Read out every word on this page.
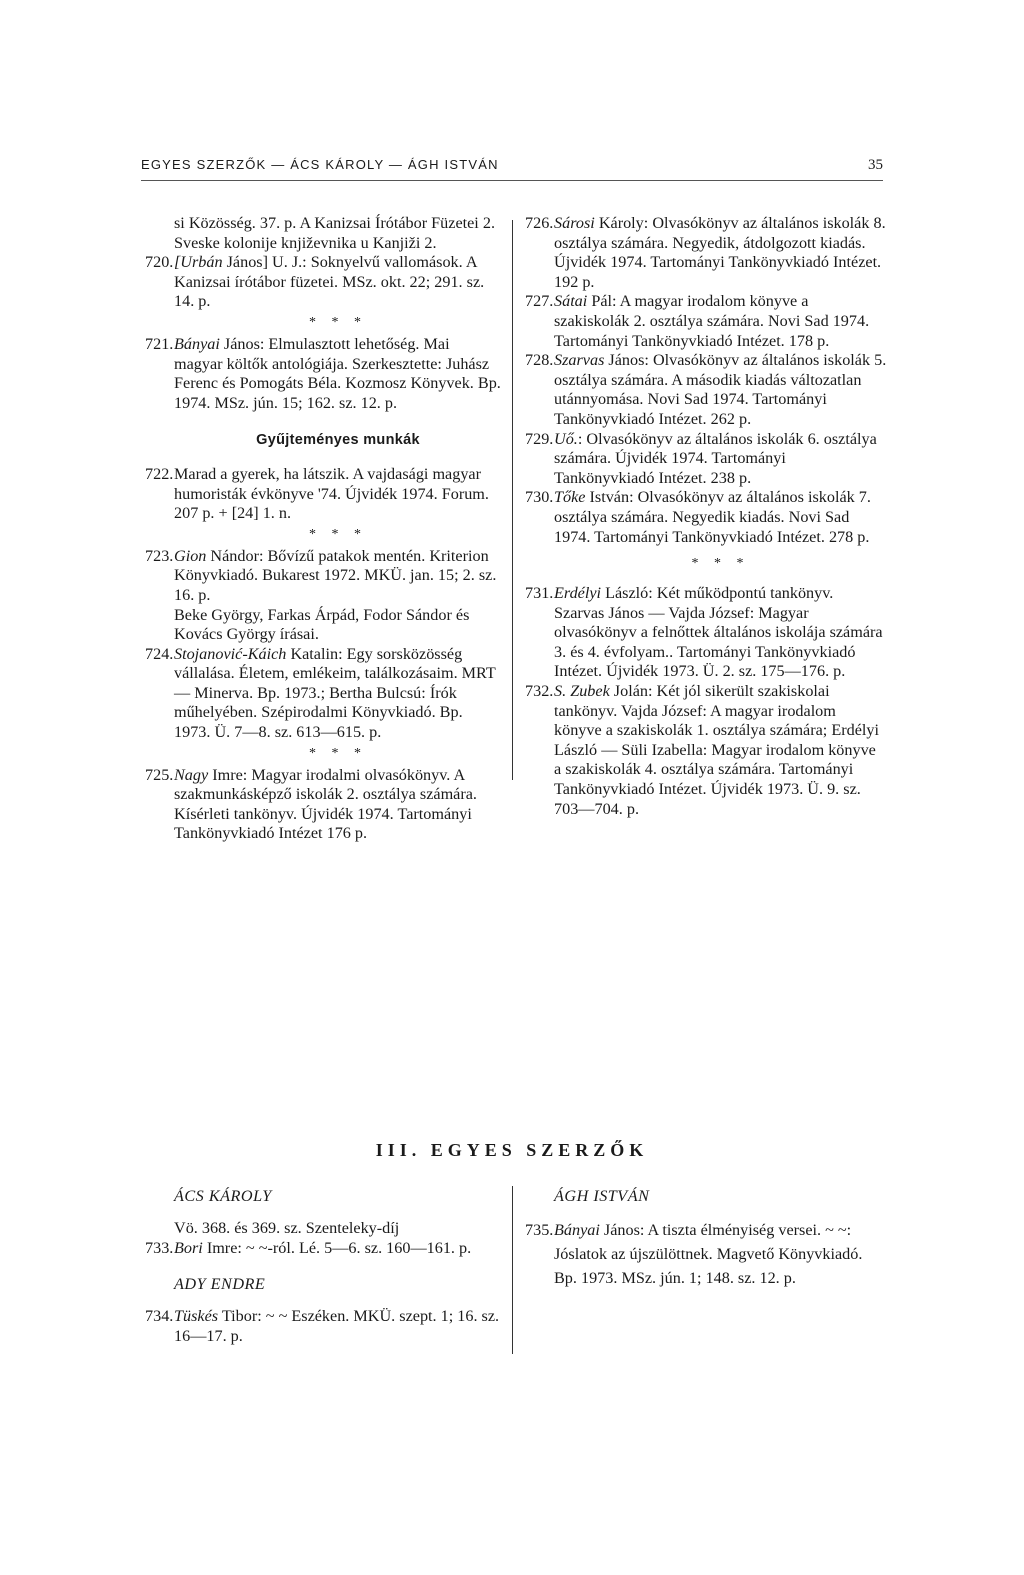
EGYES SZERZŐK — ÁCS KÁROLY — ÁGH ISTVÁN	35

si Közösség. 37. p. A Kanizsai Írótábor Füzetei 2. Sveske kolonije književnika u Kanjiži 2.

720. [Urbán János] U. J.: Soknyelvű vallomások. A Kanizsai írótábor füzetei. MSz. okt. 22; 291. sz. 14. p.

* * *

721. Bányai János: Elmulasztott lehetőség. Mai magyar költők antológiája. Szerkesztette: Juhász Ferenc és Pomogáts Béla. Kozmosz Könyvek. Bp. 1974. MSz. jún. 15; 162. sz. 12. p.

Gyűjteményes munkák

722. Marad a gyerek, ha látszik. A vajdasági magyar humoristák évkönyve '74. Újvidék 1974. Forum. 207 p. + [24] 1. n.

* * *

723. Gion Nándor: Bővízű patakok mentén. Kriterion Könyvkiadó. Bukarest 1972. MKÜ. jan. 15; 2. sz. 16. p.

Beke György, Farkas Árpád, Fodor Sándor és Kovács György írásai.

724. Stojanović-Káich Katalin: Egy sorsközösség vállalása. Életem, emlékeim, találkozásaim. MRT — Minerva. Bp. 1973.; Bertha Bulcsú: Írók műhelyében. Szépirodalmi Könyvkiadó. Bp. 1973. Ü. 7—8. sz. 613—615. p.

* * *

725. Nagy Imre: Magyar irodalmi olvasókönyv. A szakmunkásképző iskolák 2. osztálya számára. Kísérleti tankönyv. Újvidék 1974. Tartományi Tankönyvkiadó Intézet 176 p.

726. Sárosi Károly: Olvasókönyv az általános iskolák 8. osztálya számára. Negyedik, átdolgozott kiadás. Újvidék 1974. Tartományi Tankönyvkiadó Intézet. 192 p.

727. Sátai Pál: A magyar irodalom könyve a szakiskolák 2. osztálya számára. Novi Sad 1974. Tartományi Tankönyvkiadó Intézet. 178 p.

728. Szarvas János: Olvasókönyv az általános iskolák 5. osztálya számára. A második kiadás változatlan utánnyomása. Novi Sad 1974. Tartományi Tankönyvkiadó Intézet. 262 p.

729. Uő.: Olvasókönyv az általános iskolák 6. osztálya számára. Újvidék 1974. Tartományi Tankönyvkiadó Intézet. 238 p.

730. Tőke István: Olvasókönyv az általános iskolák 7. osztálya számára. Negyedik kiadás. Novi Sad 1974. Tartományi Tankönyvkiadó Intézet. 278 p.

* * *

731. Erdélyi László: Két működpontú tankönyv. Szarvas János — Vajda József: Magyar olvasókönyv a felnőttek általános iskolája számára 3. és 4. évfolyam.. Tartományi Tankönyvkiadó Intézet. Újvidék 1973. Ü. 2. sz. 175—176. p.

732. S. Zubek Jolán: Két jól sikerült szakiskolai tankönyv. Vajda József: A magyar irodalom könyve a szakiskolák 1. osztálya számára; Erdélyi László — Süli Izabella: Magyar irodalom könyve a szakiskolák 4. osztálya számára. Tartományi Tankönyvkiadó Intézet. Újvidék 1973. Ü. 9. sz. 703—704. p.

III. EGYES SZERZŐK

ÁCS KÁROLY

Vö. 368. és 369. sz. Szenteleky-díj

733. Bori Imre: ~ ~-ról. Lé. 5—6. sz. 160—161. p.

ADY ENDRE

734. Tüskés Tibor: ~ ~ Eszéken. MKÜ. szept. 1; 16. sz. 16—17. p.

ÁGH ISTVÁN

735. Bányai János: A tiszta élményiség versei. ~ ~: Jóslatok az újszülöttnek. Magvető Könyvkiadó. Bp. 1973. MSz. jún. 1; 148. sz. 12. p.
